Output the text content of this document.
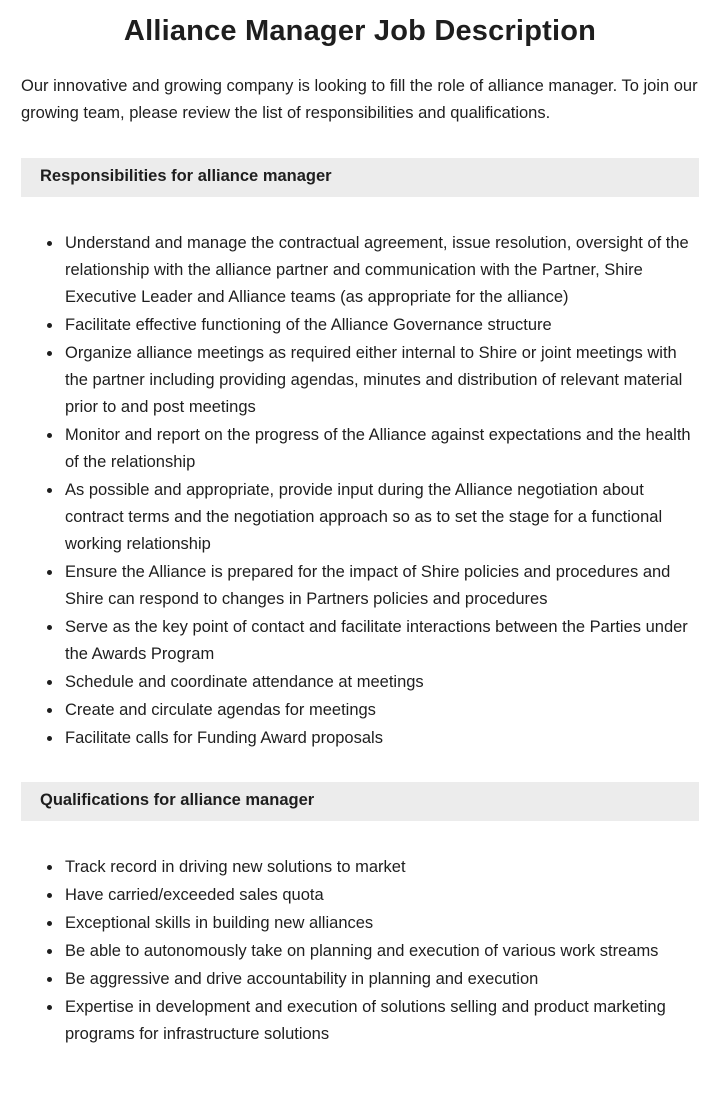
Alliance Manager Job Description

Our innovative and growing company is looking to fill the role of alliance manager. To join our growing team, please review the list of responsibilities and qualifications.

Responsibilities for alliance manager
• Understand and manage the contractual agreement, issue resolution, oversight of the relationship with the alliance partner and communication with the Partner, Shire Executive Leader and Alliance teams (as appropriate for the alliance)
• Facilitate effective functioning of the Alliance Governance structure
• Organize alliance meetings as required either internal to Shire or joint meetings with the partner including providing agendas, minutes and distribution of relevant material prior to and post meetings
• Monitor and report on the progress of the Alliance against expectations and the health of the relationship
• As possible and appropriate, provide input during the Alliance negotiation about contract terms and the negotiation approach so as to set the stage for a functional working relationship
• Ensure the Alliance is prepared for the impact of Shire policies and procedures and Shire can respond to changes in Partners policies and procedures
• Serve as the key point of contact and facilitate interactions between the Parties under the Awards Program
• Schedule and coordinate attendance at meetings
• Create and circulate agendas for meetings
• Facilitate calls for Funding Award proposals
Qualifications for alliance manager
• Track record in driving new solutions to market
• Have carried/exceeded sales quota
• Exceptional skills in building new alliances
• Be able to autonomously take on planning and execution of various work streams
• Be aggressive and drive accountability in planning and execution
• Expertise in development and execution of solutions selling and product marketing programs for infrastructure solutions
